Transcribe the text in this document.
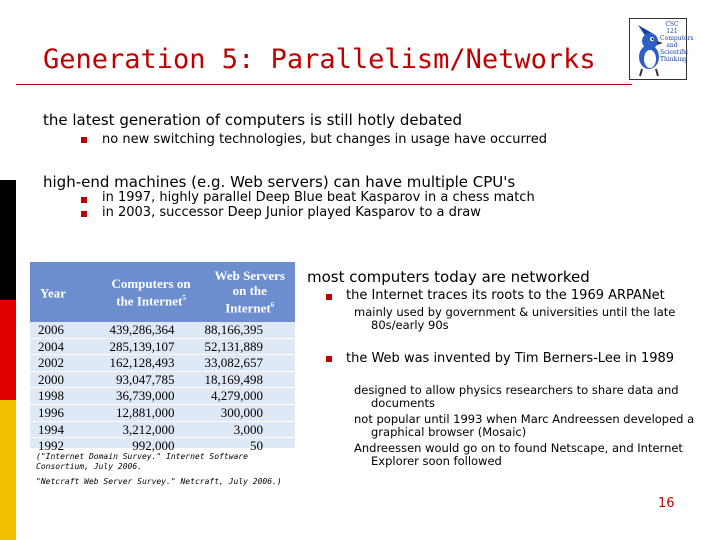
Generation 5: Parallelism/Networks
CSC 121 Computers and Scientific Thinking
the latest generation of computers is still hotly debated
no new switching technologies, but changes in usage have occurred
high-end machines (e.g. Web servers) can have multiple CPU's
in 1997, highly parallel Deep Blue beat Kasparov in a chess match
in 2003, successor Deep Junior played Kasparov to a draw
Year	Computers on the Internet$^5$	Web Servers on the Internet$^6$
2006	439,286,364	88,166,395
2004	285,139,107	52,131,889
2002	162,128,493	33,082,657
2000	93,047,785	18,169,498
1998	36,739,000	4,279,000
1996	12,881,000	300,000
1994	3,212,000	3,000
1992	992,000	50
("Internet Domain Survey." Internet Software Consortium, July 2006.
"Netcraft Web Server Survey." Netcraft, July 2006.)
most computers today are networked
the Internet traces its roots to the 1969 ARPANet
mainly used by government & universities until the late 80s/early 90s
the Web was invented by Tim Berners-Lee in 1989
designed to allow physics researchers to share data and documents
not popular until 1993 when Marc Andreessen developed a graphical browser (Mosaic)
Andreessen would go on to found Netscape, and Internet Explorer soon followed
16
